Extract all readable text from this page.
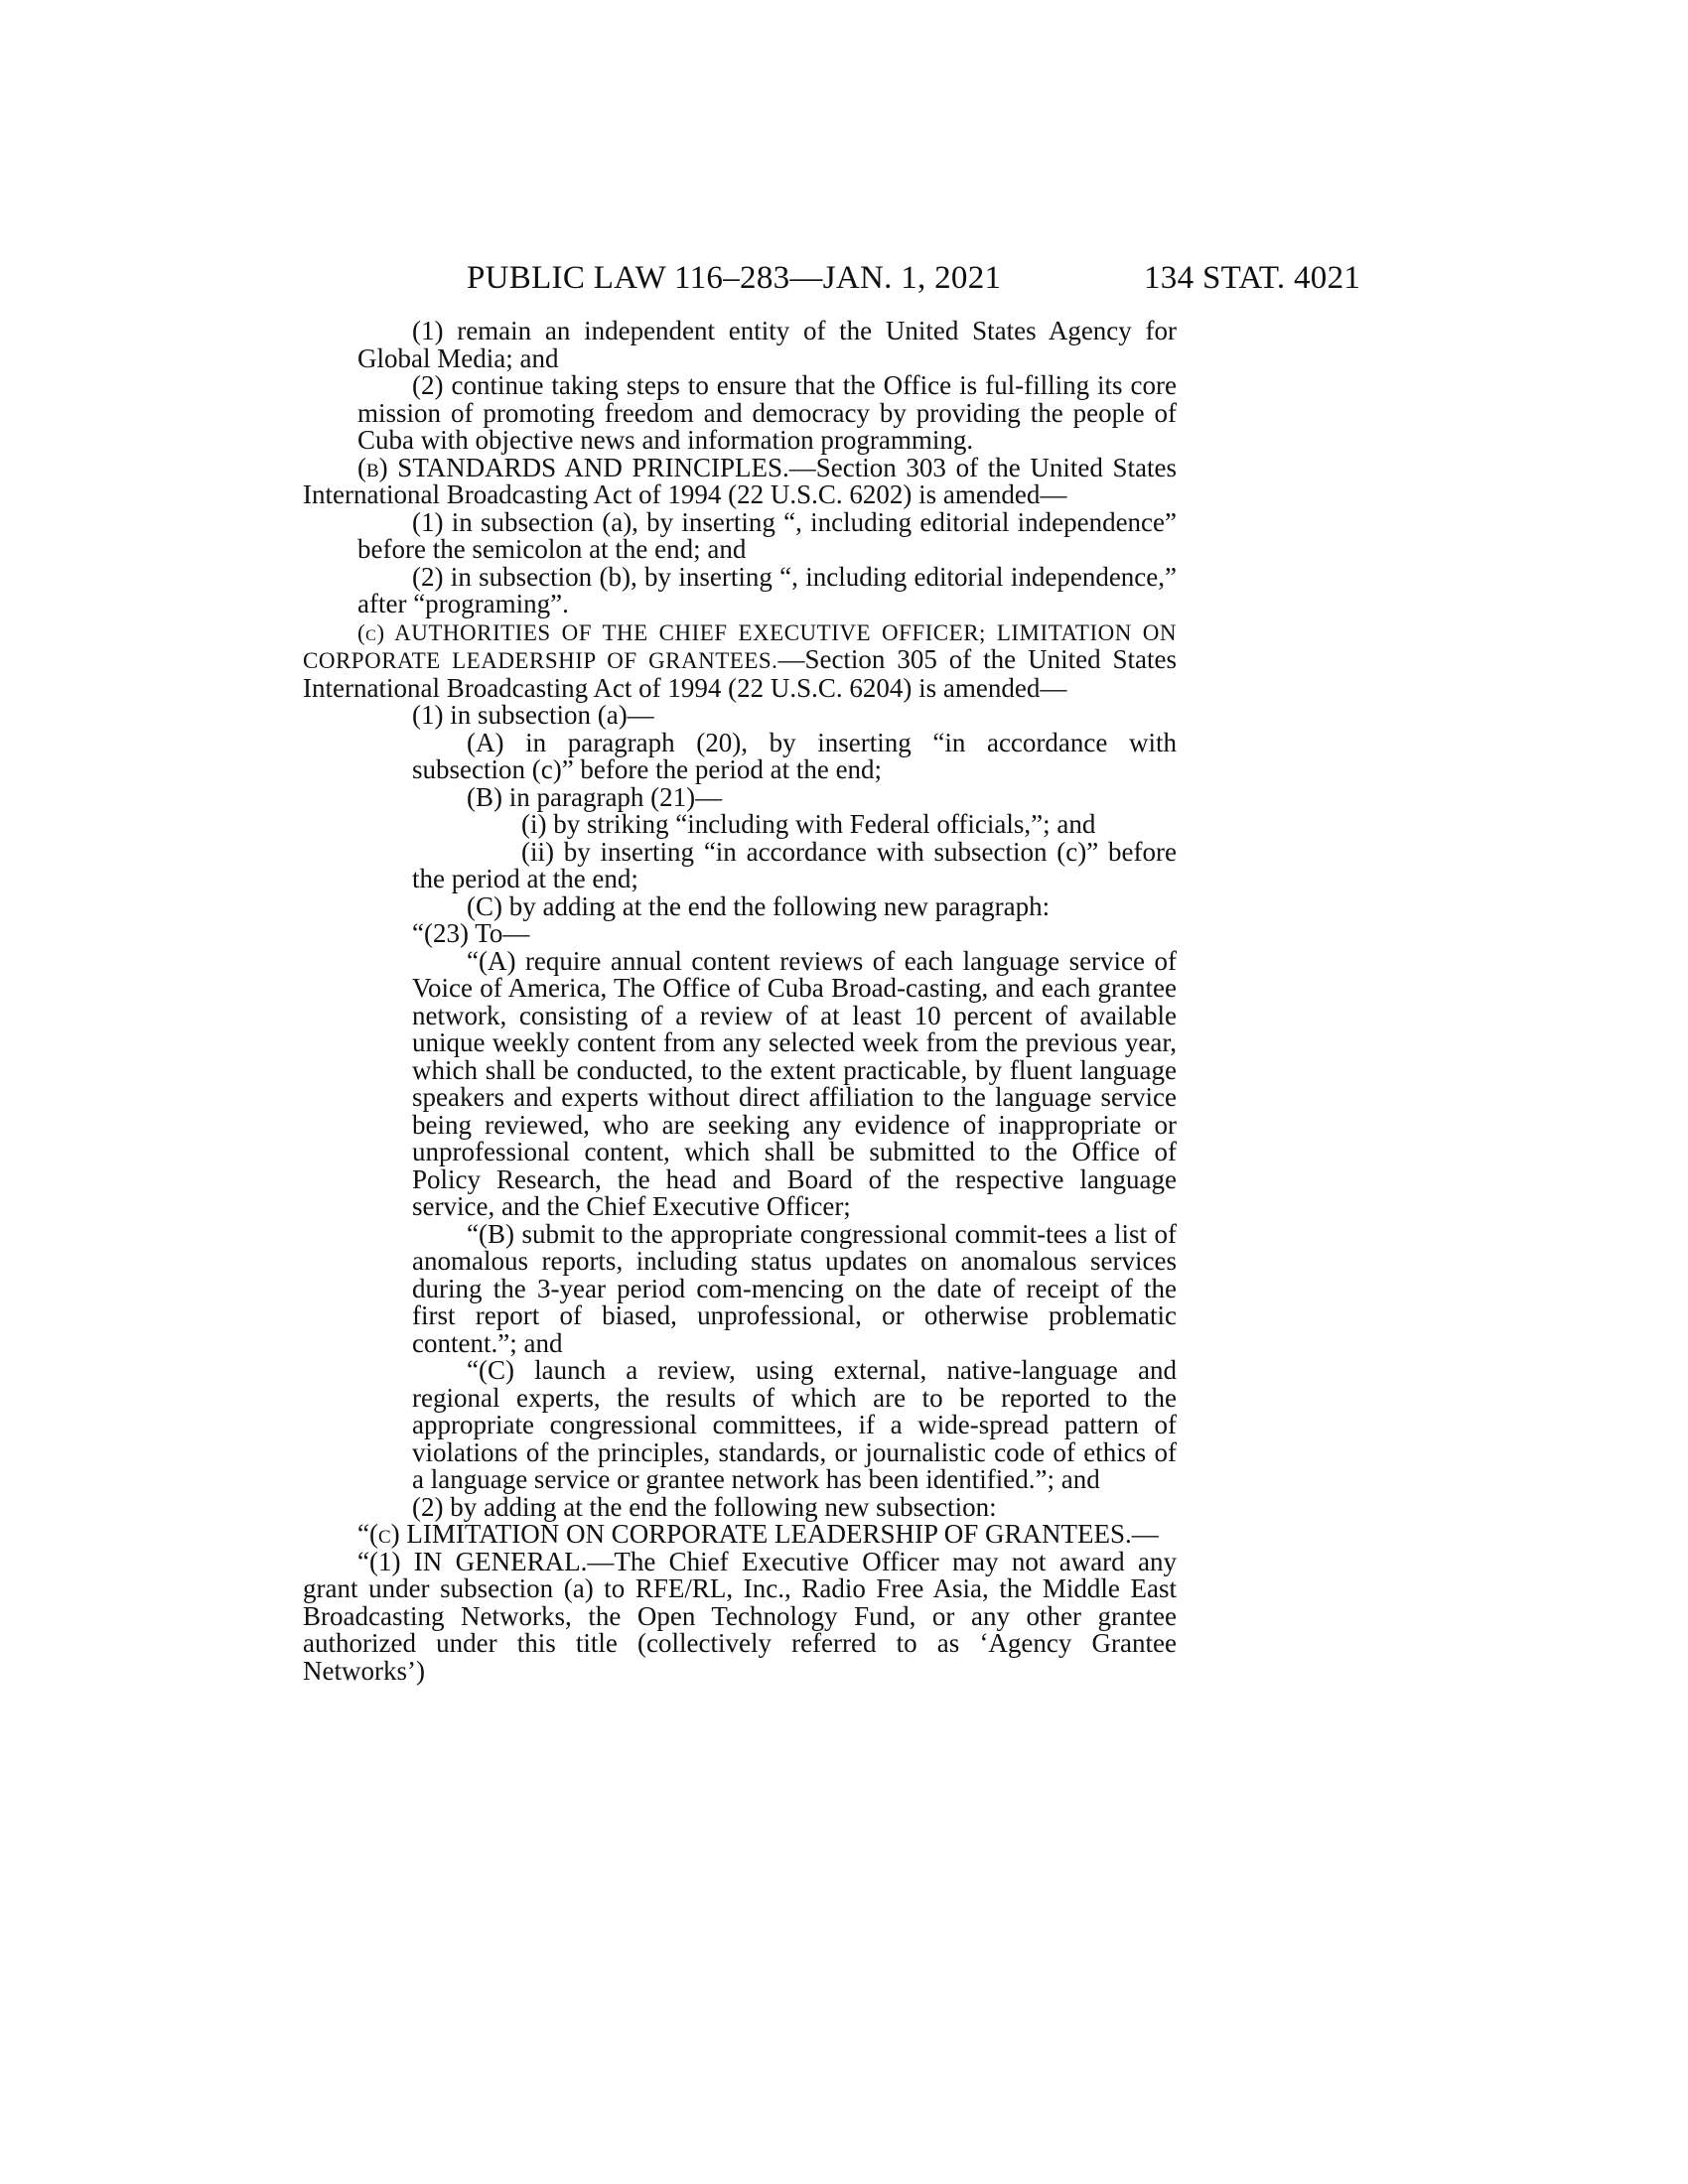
PUBLIC LAW 116–283—JAN. 1, 2021	134 STAT. 4021

(1) remain an independent entity of the United States Agency for Global Media; and

(2) continue taking steps to ensure that the Office is ful-filling its core mission of promoting freedom and democracy by providing the people of Cuba with objective news and information programming.

(b) STANDARDS AND PRINCIPLES.—Section 303 of the United States International Broadcasting Act of 1994 (22 U.S.C. 6202) is amended—

(1) in subsection (a), by inserting “, including editorial independence” before the semicolon at the end; and

(2) in subsection (b), by inserting “, including editorial independence,” after “programing”.

(c) AUTHORITIES OF THE CHIEF EXECUTIVE OFFICER; LIMITATION ON CORPORATE LEADERSHIP OF GRANTEES.—Section 305 of the United States International Broadcasting Act of 1994 (22 U.S.C. 6204) is amended—

(1) in subsection (a)—

(A) in paragraph (20), by inserting “in accordance with subsection (c)” before the period at the end;

(B) in paragraph (21)—

(i) by striking “including with Federal officials,”; and

(ii) by inserting “in accordance with subsection (c)” before the period at the end;

(C) by adding at the end the following new paragraph:

“(23) To—

“(A) require annual content reviews of each language service of Voice of America, The Office of Cuba Broad-casting, and each grantee network, consisting of a review of at least 10 percent of available unique weekly content from any selected week from the previous year, which shall be conducted, to the extent practicable, by fluent language speakers and experts without direct affiliation to the language service being reviewed, who are seeking any evidence of inappropriate or unprofessional content, which shall be submitted to the Office of Policy Research, the head and Board of the respective language service, and the Chief Executive Officer;

“(B) submit to the appropriate congressional commit-tees a list of anomalous reports, including status updates on anomalous services during the 3-year period com-mencing on the date of receipt of the first report of biased, unprofessional, or otherwise problematic content.”; and

“(C) launch a review, using external, native-language and regional experts, the results of which are to be reported to the appropriate congressional committees, if a wide-spread pattern of violations of the principles, standards, or journalistic code of ethics of a language service or grantee network has been identified.”; and

(2) by adding at the end the following new subsection:

“(c) LIMITATION ON CORPORATE LEADERSHIP OF GRANTEES.—

“(1) IN GENERAL.—The Chief Executive Officer may not award any grant under subsection (a) to RFE/RL, Inc., Radio Free Asia, the Middle East Broadcasting Networks, the Open Technology Fund, or any other grantee authorized under this title (collectively referred to as ‘Agency Grantee Networks’)
